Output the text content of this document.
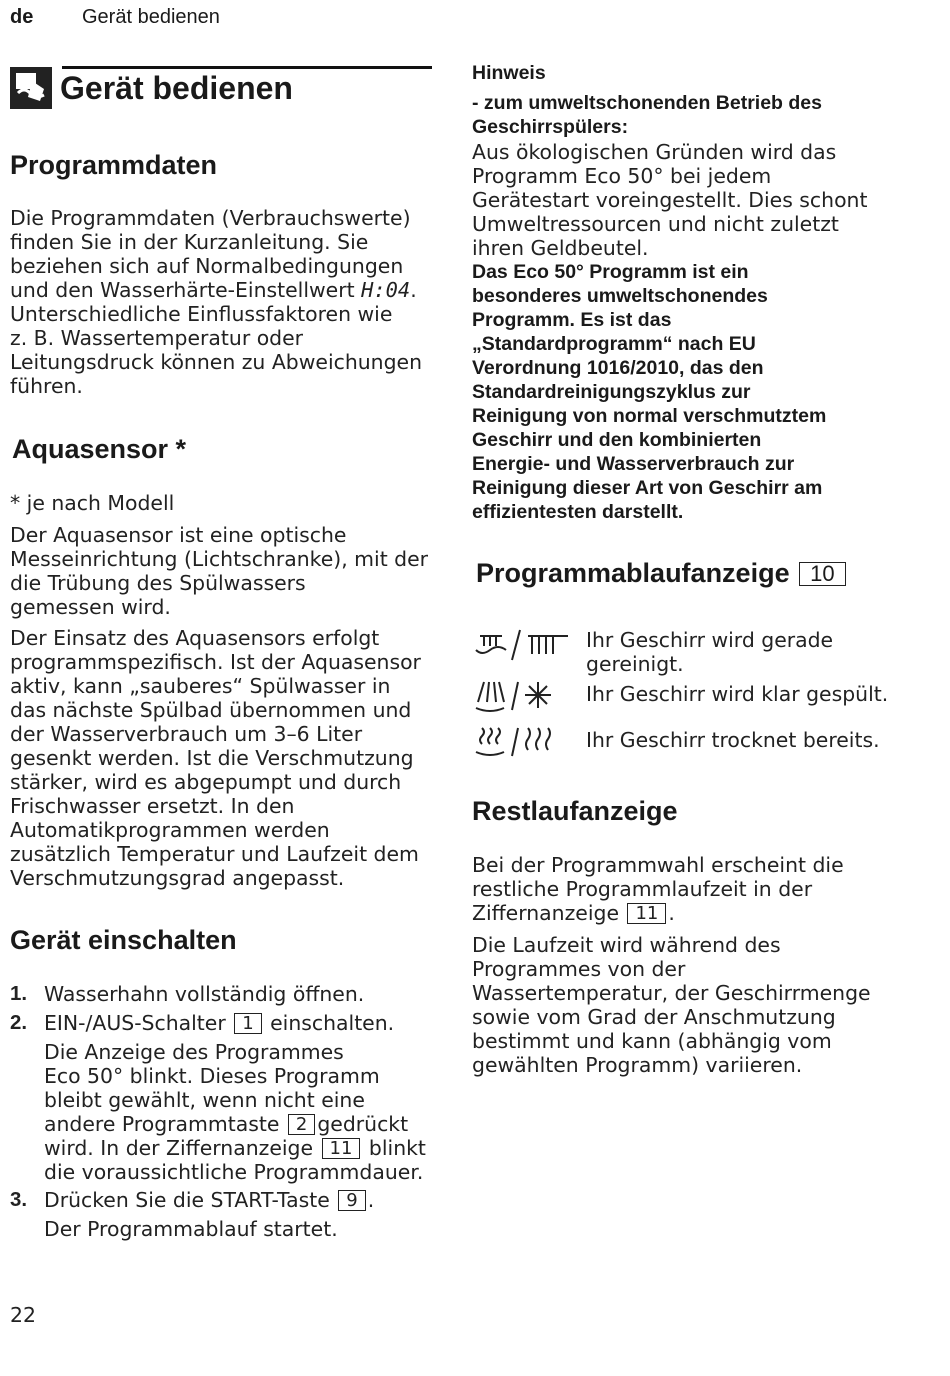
de Gerät bedienen
Gerät bedienen
Programmdaten
Die Programmdaten (Verbrauchswerte)
finden Sie in der Kurzanleitung. Sie
beziehen sich auf Normalbedingungen
und den Wasserhärte-Einstellwert H:04.
Unterschiedliche Einflussfaktoren wie
z. B. Wassertemperatur oder
Leitungsdruck können zu Abweichungen
führen.
Aquasensor *
* je nach Modell
Der Aquasensor ist eine optische
Messeinrichtung (Lichtschranke), mit der
die Trübung des Spülwassers
gemessen wird.
Der Einsatz des Aquasensors erfolgt
programmspezifisch. Ist der Aquasensor
aktiv, kann „sauberes“ Spülwasser in
das nächste Spülbad übernommen und
der Wasserverbrauch um 3–6 Liter
gesenkt werden. Ist die Verschmutzung
stärker, wird es abgepumpt und durch
Frischwasser ersetzt. In den
Automatikprogrammen werden
zusätzlich Temperatur und Laufzeit dem
Verschmutzungsgrad angepasst.
Gerät einschalten
1. Wasserhahn vollständig öffnen.
2. EIN-/AUS-Schalter 1 einschalten.
Die Anzeige des Programmes
Eco 50° blinkt. Dieses Programm
bleibt gewählt, wenn nicht eine
andere Programmtaste 2 gedrückt
wird. In der Ziffernanzeige 11 blinkt
die voraussichtliche Programmdauer.
3. Drücken Sie die START-Taste 9 .
Der Programmablauf startet.
Hinweis
- zum umweltschonenden Betrieb des
Geschirrspülers:
Aus ökologischen Gründen wird das
Programm Eco 50° bei jedem
Gerätestart voreingestellt. Dies schont
Umweltressourcen und nicht zuletzt
ihren Geldbeutel.
Das Eco 50° Programm ist ein
besonderes umweltschonendes
Programm. Es ist das
„Standardprogramm“ nach EU
Verordnung 1016/2010, das den
Standardreinigungszyklus zur
Reinigung von normal verschmutztem
Geschirr und den kombinierten
Energie- und Wasserverbrauch zur
Reinigung dieser Art von Geschirr am
effizientesten darstellt.
Programmablaufanzeige 10
Ihr Geschirr wird gerade
gereinigt.
Ihr Geschirr wird klar gespült.
Ihr Geschirr trocknet bereits.
Restlaufanzeige
Bei der Programmwahl erscheint die
restliche Programmlaufzeit in der
Ziffernanzeige 11 .
Die Laufzeit wird während des
Programmes von der
Wassertemperatur, der Geschirrmenge
sowie vom Grad der Anschmutzung
bestimmt und kann (abhängig vom
gewählten Programm) variieren.
22
